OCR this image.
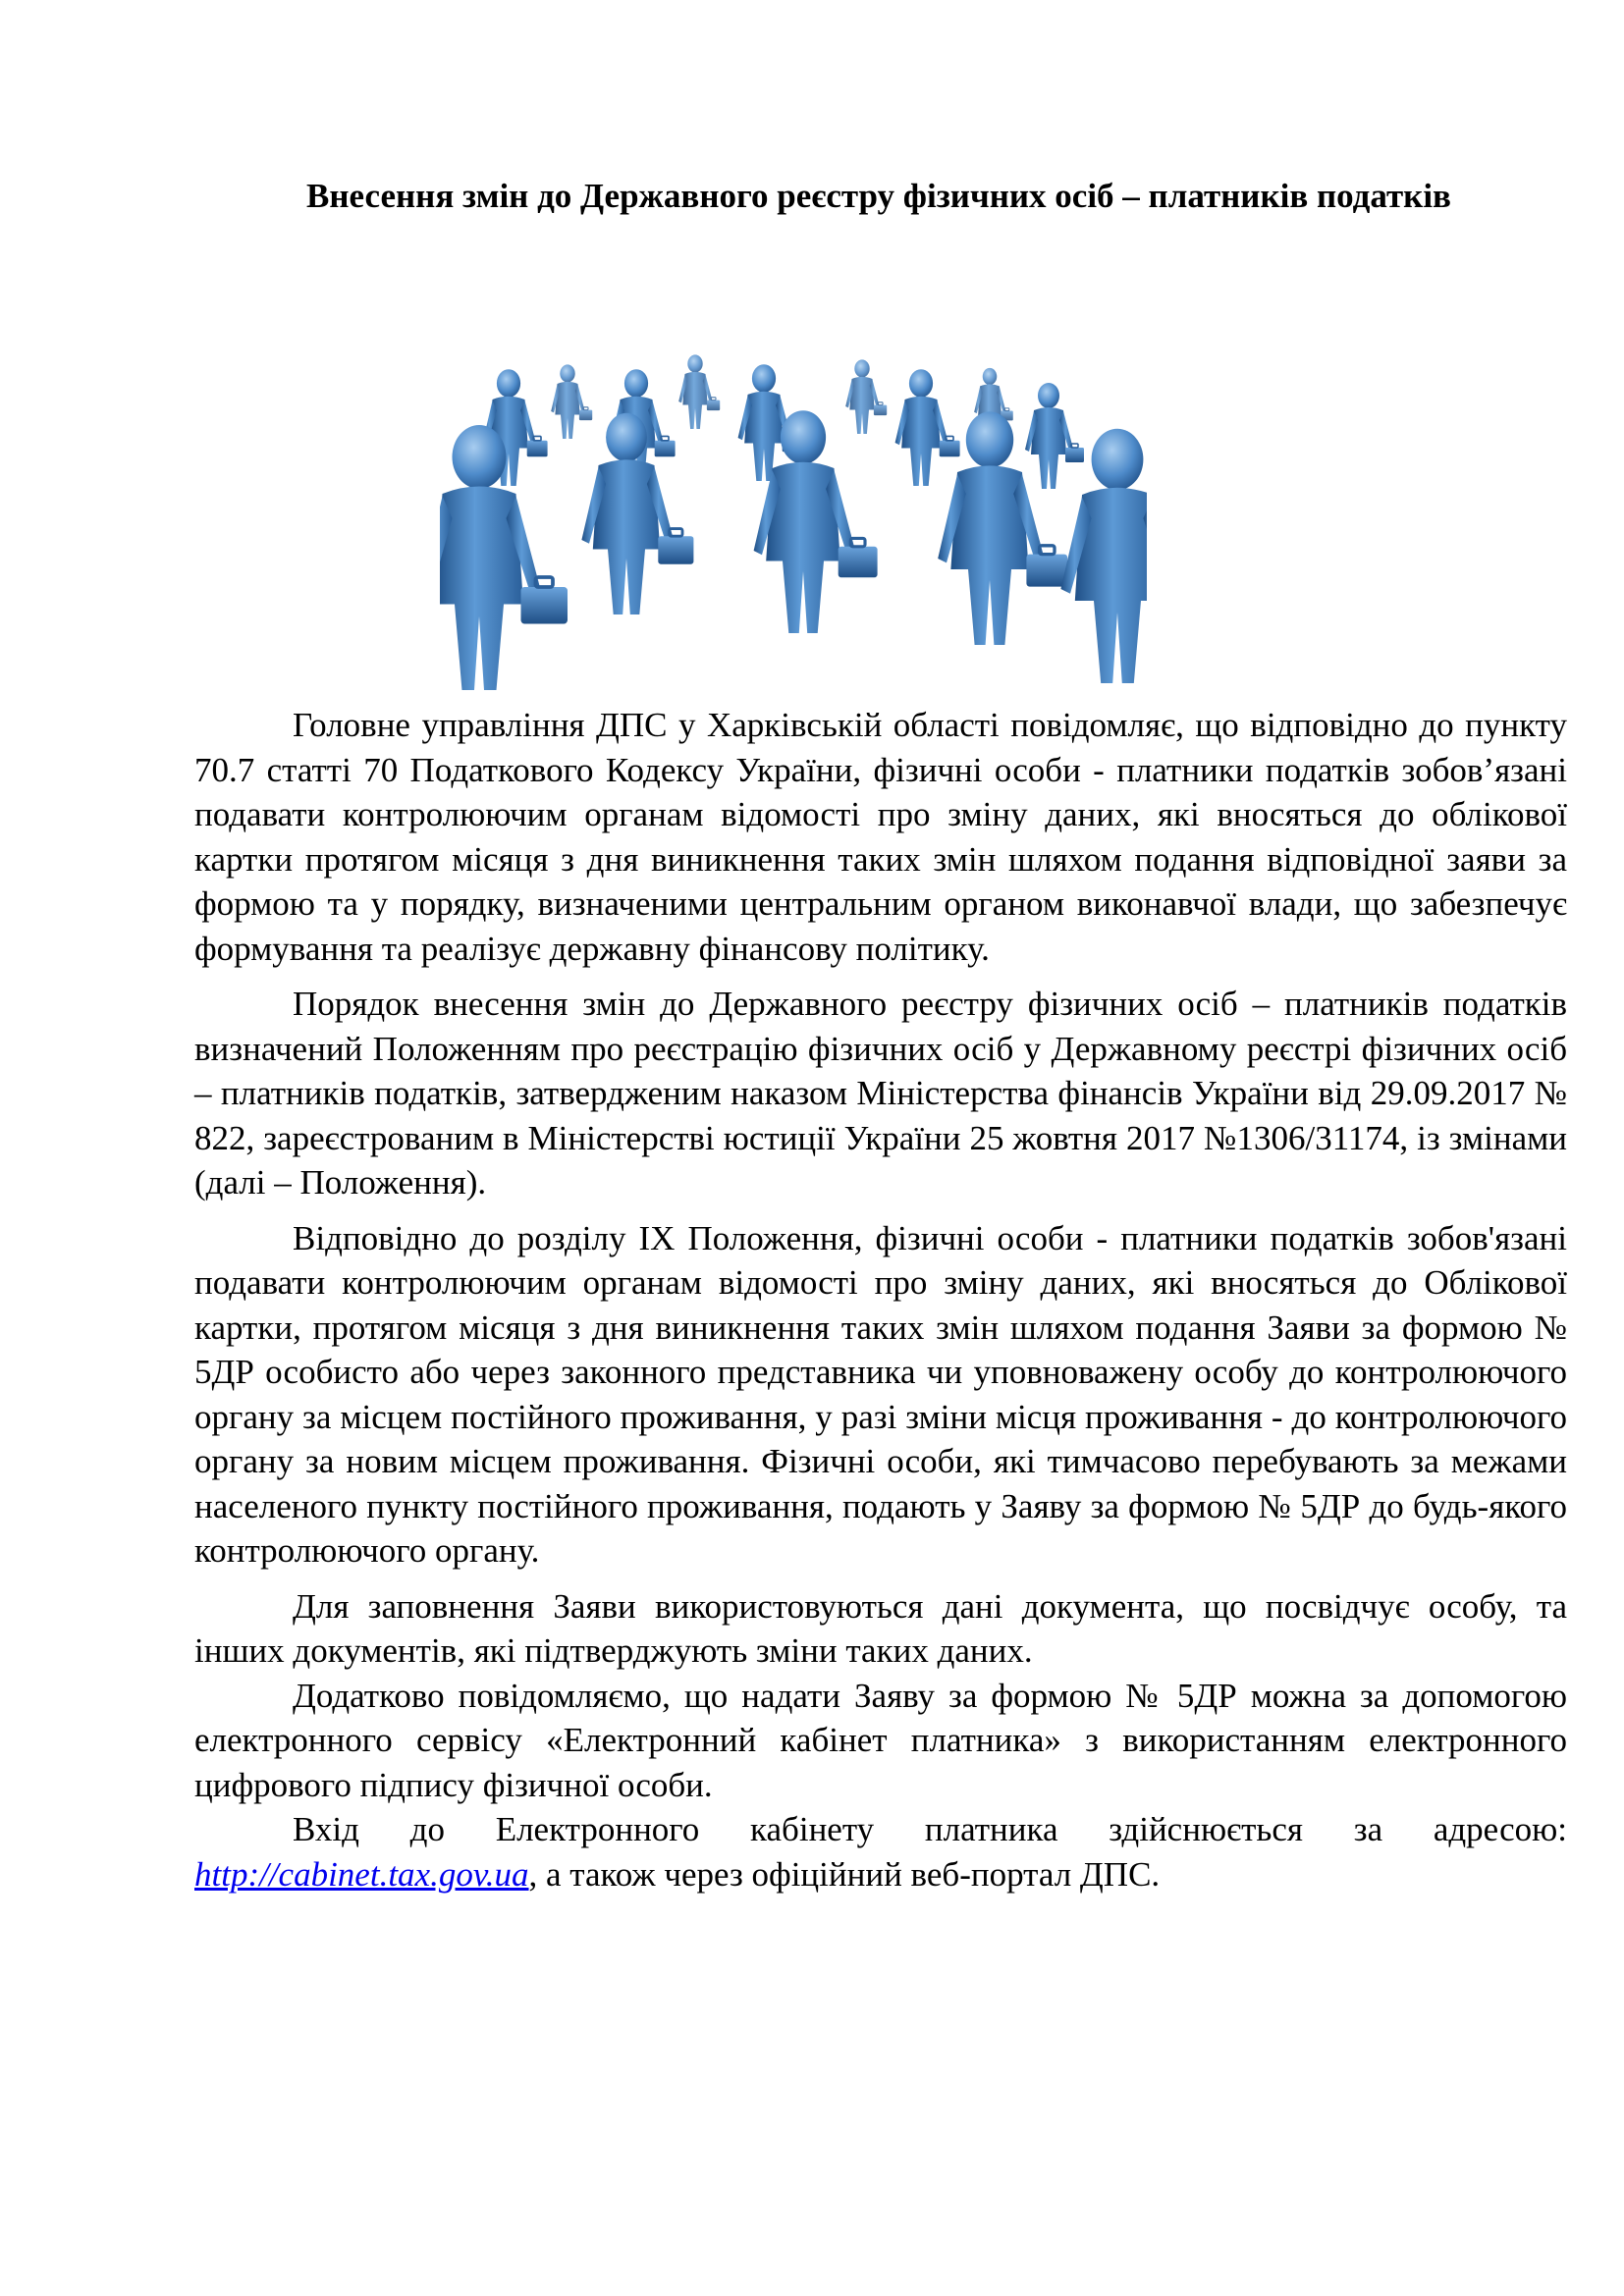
Внесення змін до Державного реєстру фізичних осіб – платників податків

Головне управління ДПС у Харківській області повідомляє, що відповідно до пункту 70.7 статті 70 Податкового Кодексу України, фізичні особи - платники податків зобов’язані подавати контролюючим органам відомості про зміну даних, які вносяться до облікової картки протягом місяця з дня виникнення таких змін шляхом подання відповідної заяви за формою та у порядку, визначеними центральним органом виконавчої влади, що забезпечує формування та реалізує державну фінансову політику.

Порядок внесення змін до Державного реєстру фізичних осіб – платників податків визначений Положенням про реєстрацію фізичних осіб у Державному реєстрі фізичних осіб – платників податків, затвердженим наказом Міністерства фінансів України від 29.09.2017 № 822, зареєстрованим в Міністерстві юстиції України 25 жовтня 2017 №1306/31174, із змінами (далі – Положення).

Відповідно до розділу IX Положення, фізичні особи - платники податків зобов'язані подавати контролюючим органам відомості про зміну даних, які вносяться до Облікової картки, протягом місяця з дня виникнення таких змін шляхом подання Заяви за формою № 5ДР особисто або через законного представника чи уповноважену особу до контролюючого органу за місцем постійного проживання, у разі зміни місця проживання - до контролюючого органу за новим місцем проживання. Фізичні особи, які тимчасово перебувають за межами населеного пункту постійного проживання, подають у Заяву за формою № 5ДР до будь-якого контролюючого органу.

Для заповнення Заяви використовуються дані документа, що посвідчує особу, та інших документів, які підтверджують зміни таких даних.

Додатково повідомляємо, що надати Заяву за формою № 5ДР можна за допомогою електронного сервісу «Електронний кабінет платника» з використанням електронного цифрового підпису фізичної особи.

Вхід до Електронного кабінету платника здійснюється за адресою: http://cabinet.tax.gov.ua, а також через офіційний веб-портал ДПС.
